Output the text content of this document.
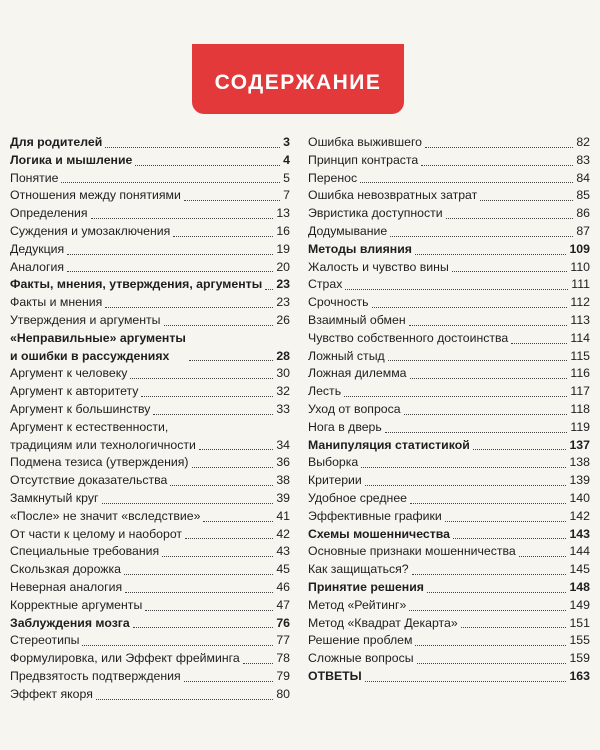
СОДЕРЖАНИЕ
Для родителей	3
Логика и мышление	4
Понятие	5
Отношения между понятиями	7
Определения	13
Суждения и умозаключения	16
Дедукция	19
Аналогия	20
Факты, мнения, утверждения, аргументы 23
Факты и мнения	23
Утверждения и аргументы	26
«Неправильные» аргументы
и ошибки в рассуждениях	28
Аргумент к человеку	30
Аргумент к авторитету	32
Аргумент к большинству	33
Аргумент к естественности,
традициям или технологичности	34
Подмена тезиса (утверждения)	36
Отсутствие доказательства	38
Замкнутый круг	39
«После» не значит «вследствие»	41
От части к целому и наоборот	42
Специальные требования	43
Скользкая дорожка	45
Неверная аналогия	46
Корректные аргументы	47
Заблуждения мозга	76
Стереотипы	77
Формулировка, или Эффект фрейминга	78
Предвзятость подтверждения	79
Эффект якоря	80
Ошибка выжившего	82
Принцип контраста	83
Перенос	84
Ошибка невозвратных затрат	85
Эвристика доступности	86
Додумывание	87
Методы влияния	109
Жалость и чувство вины	110
Страх	111
Срочность	112
Взаимный обмен	113
Чувство собственного достоинства	114
Ложный стыд	115
Ложная дилемма	116
Лесть	117
Уход от вопроса	118
Нога в дверь	119
Манипуляция статистикой	137
Выборка	138
Критерии	139
Удобное среднее	140
Эффективные графики	142
Схемы мошенничества	143
Основные признаки мошенничества	144
Как защищаться?	145
Принятие решения	148
Метод «Рейтинг»	149
Метод «Квадрат Декарта»	151
Решение проблем	155
Сложные вопросы	159
ОТВЕТЫ	163
